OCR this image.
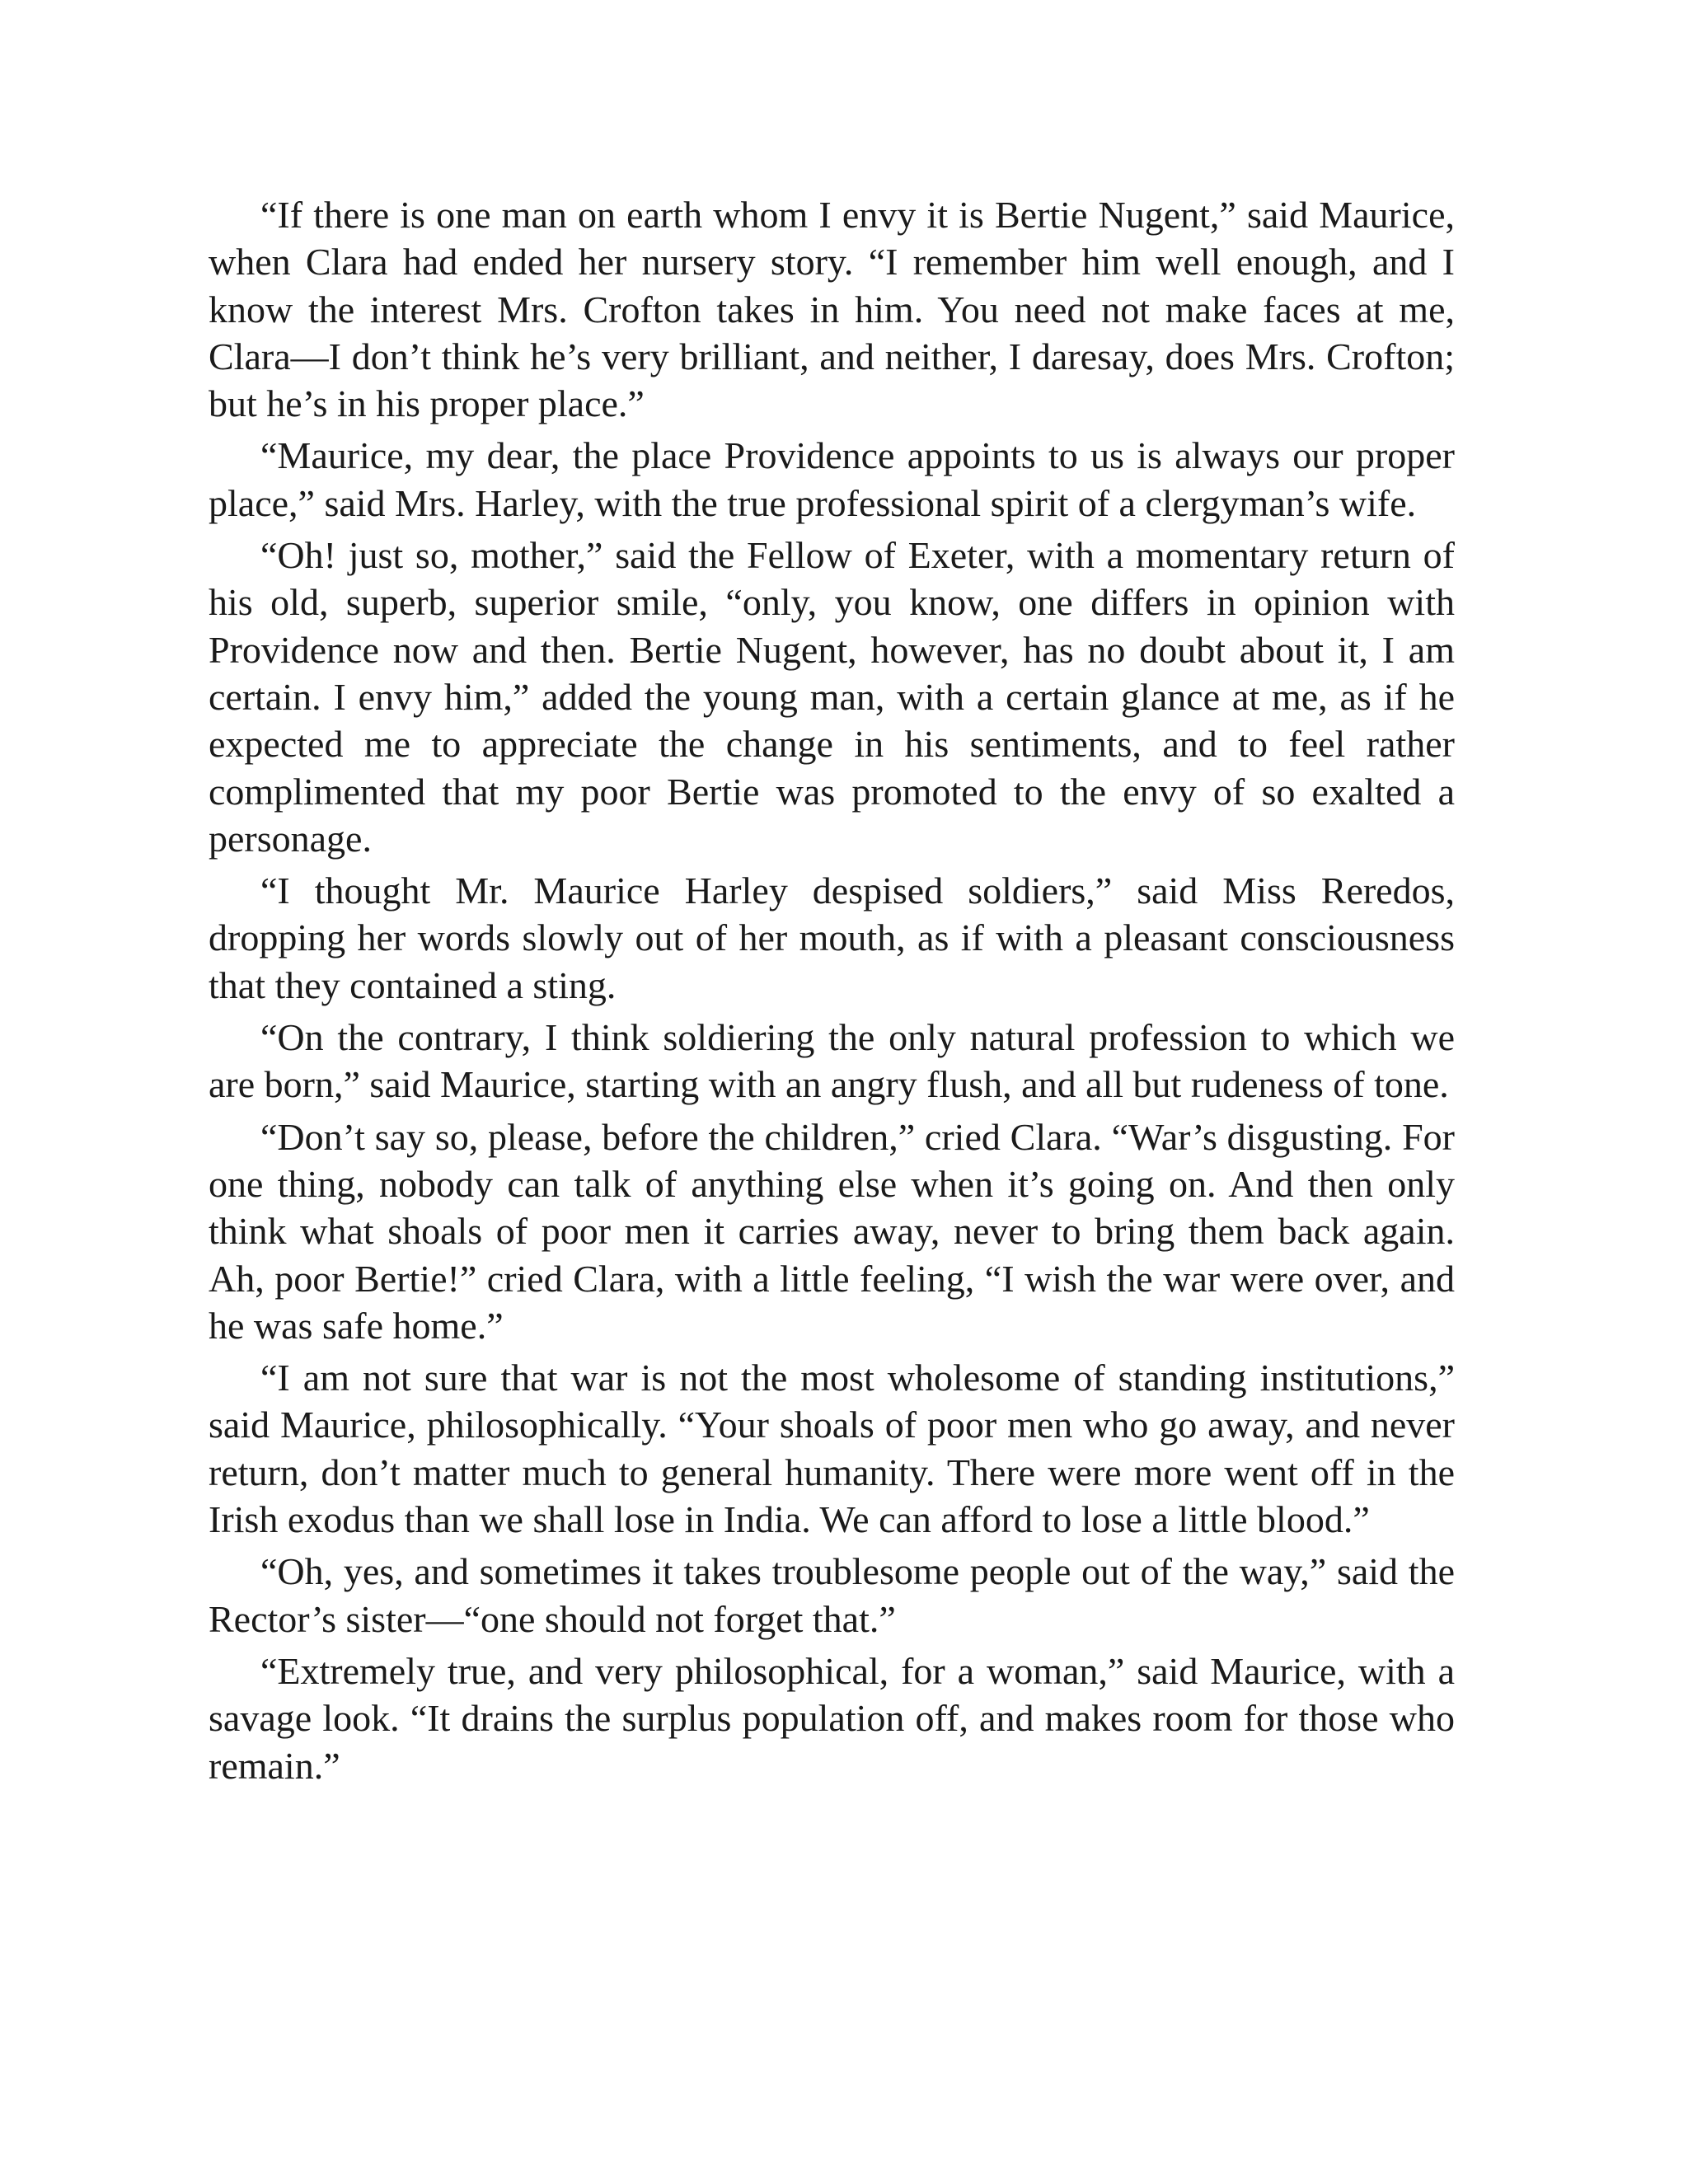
“If there is one man on earth whom I envy it is Bertie Nugent,” said Maurice, when Clara had ended her nursery story. “I remember him well enough, and I know the interest Mrs. Crofton takes in him. You need not make faces at me, Clara—I don’t think he’s very brilliant, and neither, I daresay, does Mrs. Crofton; but he’s in his proper place.”

“Maurice, my dear, the place Providence appoints to us is always our proper place,” said Mrs. Harley, with the true professional spirit of a clergyman’s wife.

“Oh! just so, mother,” said the Fellow of Exeter, with a momentary return of his old, superb, superior smile, “only, you know, one differs in opinion with Providence now and then. Bertie Nugent, however, has no doubt about it, I am certain. I envy him,” added the young man, with a certain glance at me, as if he expected me to appreciate the change in his sentiments, and to feel rather complimented that my poor Bertie was promoted to the envy of so exalted a personage.

“I thought Mr. Maurice Harley despised soldiers,” said Miss Reredos, dropping her words slowly out of her mouth, as if with a pleasant consciousness that they contained a sting.

“On the contrary, I think soldiering the only natural profession to which we are born,” said Maurice, starting with an angry flush, and all but rudeness of tone.

“Don’t say so, please, before the children,” cried Clara. “War’s disgusting. For one thing, nobody can talk of anything else when it’s going on. And then only think what shoals of poor men it carries away, never to bring them back again. Ah, poor Bertie!” cried Clara, with a little feeling, “I wish the war were over, and he was safe home.”

“I am not sure that war is not the most wholesome of standing institutions,” said Maurice, philosophically. “Your shoals of poor men who go away, and never return, don’t matter much to general humanity. There were more went off in the Irish exodus than we shall lose in India. We can afford to lose a little blood.”

“Oh, yes, and sometimes it takes troublesome people out of the way,” said the Rector’s sister—“one should not forget that.”

“Extremely true, and very philosophical, for a woman,” said Maurice, with a savage look. “It drains the surplus population off, and makes room for those who remain.”
